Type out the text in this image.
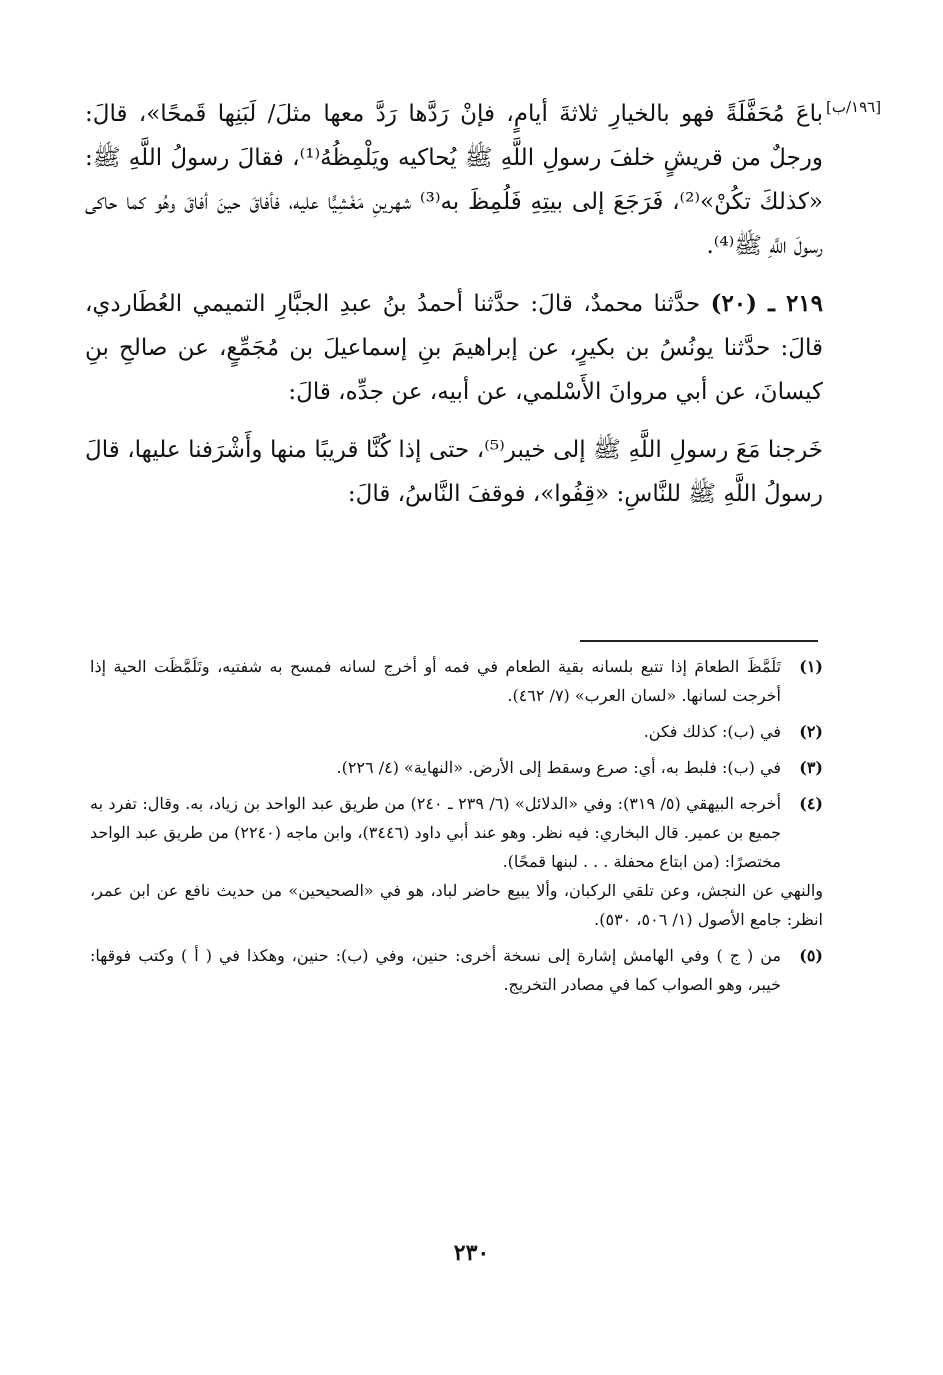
[١٩٦/ب]

باعَ مُحَفَّلَةً فهو بالخيارِ ثلاثةَ أيامٍ، فإنْ رَدَّها رَدَّ معها مثلَ/ لَبَنِها قَمحًا»، قالَ: ورجلٌ من قريشٍ خلفَ رسولِ اللَّهِ ﷺ يُحاكيه ويَلْمِظُهُ⁽¹⁾، فقالَ رسولُ اللَّهِ ﷺ: «كذلكَ تكُنْ»⁽²⁾، فَرَجَعَ إلى بيتِهِ فَلُمِظَ به⁽³⁾ شهرينِ مَغْشِيًّا عليه، فأفاقَ حينَ أفاقَ وهُو كما حاكى رسولَ اللَّهِ ﷺ⁽⁴⁾.

٢١٩ ـ (٢٠) حدَّثنا محمدٌ، قالَ: حدَّثنا أحمدُ بنُ عبدِ الجبَّارِ التميمي العُطَاردي، قالَ: حدَّثنا يونُسُ بن بكيرٍ، عن إبراهيمَ بنِ إسماعيلَ بن مُجَمِّعٍ، عن صالحِ بنِ كيسانَ، عن أبي مروانَ الأَسْلمي، عن أبيه، عن جدِّه، قالَ:

خَرجنا مَعَ رسولِ اللَّهِ ﷺ إلى خيبر⁽⁵⁾، حتى إذا كُنَّا قريبًا منها وأَشْرَفنا عليها، قالَ رسولُ اللَّهِ ﷺ للنَّاسِ: «قِفُوا»، فوقفَ النَّاسُ، قالَ:

(١)

تَلَمَّظَ الطعامَ إذا تتبع بلسانه بقية الطعام في فمه أو أخرج لسانه فمسح به شفتيه، وتَلَمَّظَت الحية إذا أخرجت لسانها. «لسان العرب» (٧/ ٤٦٢).

(٢)

في (ب): كذلك فكن.

(٣)

في (ب): فلبط به، أي: صرع وسقط إلى الأرض. «النهاية» (٤/ ٢٢٦).

(٤)

أخرجه البيهقي (٥/ ٣١٩): وفي «الدلائل» (٦/ ٢٣٩ ـ ٢٤٠) من طريق عبد الواحد بن زياد، به. وقال: تفرد به جميع بن عمير. قال البخاري: فيه نظر. وهو عند أبي داود (٣٤٤٦)، وابن ماجه (٢٢٤٠) من طريق عبد الواحد مختصرًا: (من ابتاع محفلة . . . لبنها قمحًا).

والنهي عن النجش، وعن تلقي الركبان، وألا يبيع حاضر لباد، هو في «الصحيحين» من حديث نافع عن ابن عمر، انظر: جامع الأصول (١/ ٥٠٦، ٥٣٠).

(٥)

من ( ج ) وفي الهامش إشارة إلى نسخة أخرى: حنين، وفي (ب): حنين، وهكذا في ( أ ) وكتب فوقها: خيبر، وهو الصواب كما في مصادر التخريج.

٢٣٠
